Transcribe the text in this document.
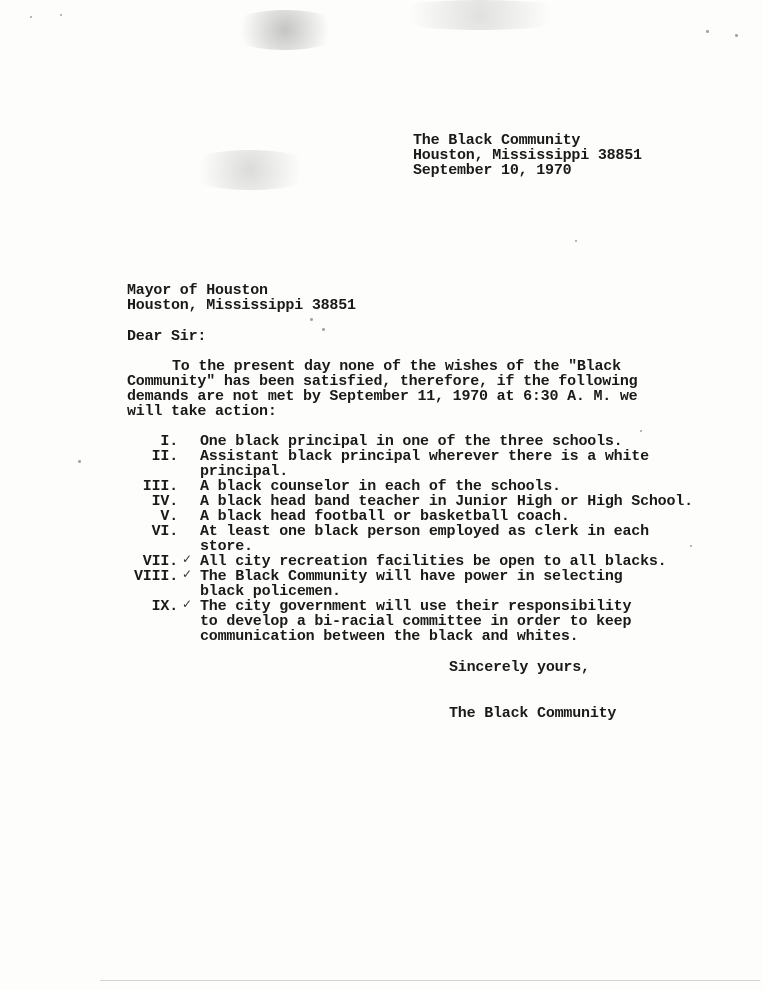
The Black Community
Houston, Mississippi 38851
September 10, 1970
Mayor of Houston
Houston, Mississippi 38851
Dear Sir:
To the present day none of the wishes of the "Black
Community" has been satisfied, therefore, if the following
demands are not met by September 11, 1970 at 6:30 A. M. we
will take action:
I. One black principal in one of the three schools.
II. Assistant black principal wherever there is a white
principal.
III. A black counselor in each of the schools.
IV. A black head band teacher in Junior High or High School.
V. A black head football or basketball coach.
VI. At least one black person employed as clerk in each
store.
VII. ✓ All city recreation facilities be open to all blacks.
VIII. ✓ The Black Community will have power in selecting
black policemen.
IX. ✓ The city government will use their responsibility
to develop a bi-racial committee in order to keep
communication between the black and whites.
Sincerely yours,
The Black Community
